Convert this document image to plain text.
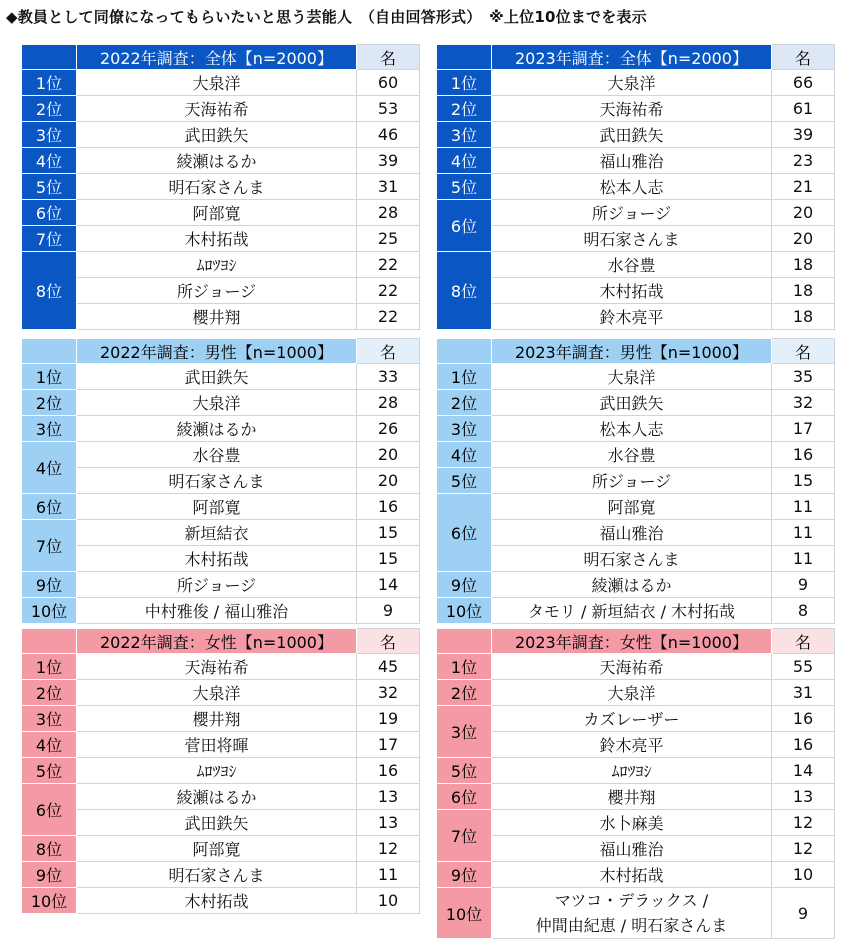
◆教員として同僚になってもらいたいと思う芸能人　（自由回答形式）　※上位10位までを表示
	2022年調査：全体【n=2000】	名
1位	大泉洋	60
2位	天海祐希	53
3位	武田鉄矢	46
4位	綾瀬はるか	39
5位	明石家さんま	31
6位	阿部寛	28
7位	木村拓哉	25
8位	ﾑﾛﾂﾖｼ	22
	所ジョージ	22
	櫻井翔	22
	2023年調査：全体【n=2000】	名
1位	大泉洋	66
2位	天海祐希	61
3位	武田鉄矢	39
4位	福山雅治	23
5位	松本人志	21
6位	所ジョージ	20
	明石家さんま	20
8位	水谷豊	18
	木村拓哉	18
	鈴木亮平	18
	2022年調査：男性【n=1000】	名
1位	武田鉄矢	33
2位	大泉洋	28
3位	綾瀬はるか	26
4位	水谷豊	20
	明石家さんま	20
6位	阿部寛	16
7位	新垣結衣	15
	木村拓哉	15
9位	所ジョージ	14
10位	中村雅俊 / 福山雅治	9
	2023年調査：男性【n=1000】	名
1位	大泉洋	35
2位	武田鉄矢	32
3位	松本人志	17
4位	水谷豊	16
5位	所ジョージ	15
6位	阿部寛	11
	福山雅治	11
	明石家さんま	11
9位	綾瀬はるか	9
10位	タモリ / 新垣結衣 / 木村拓哉	8
	2022年調査：女性【n=1000】	名
1位	天海祐希	45
2位	大泉洋	32
3位	櫻井翔	19
4位	菅田将暉	17
5位	ﾑﾛﾂﾖｼ	16
6位	綾瀬はるか	13
	武田鉄矢	13
8位	阿部寛	12
9位	明石家さんま	11
10位	木村拓哉	10
	2023年調査：女性【n=1000】	名
1位	天海祐希	55
2位	大泉洋	31
3位	カズレーザー	16
	鈴木亮平	16
5位	ﾑﾛﾂﾖｼ	14
6位	櫻井翔	13
7位	水卜麻美	12
	福山雅治	12
9位	木村拓哉	10
10位	マツコ・デラックス /
仲間由紀恵 / 明石家さんま	9
